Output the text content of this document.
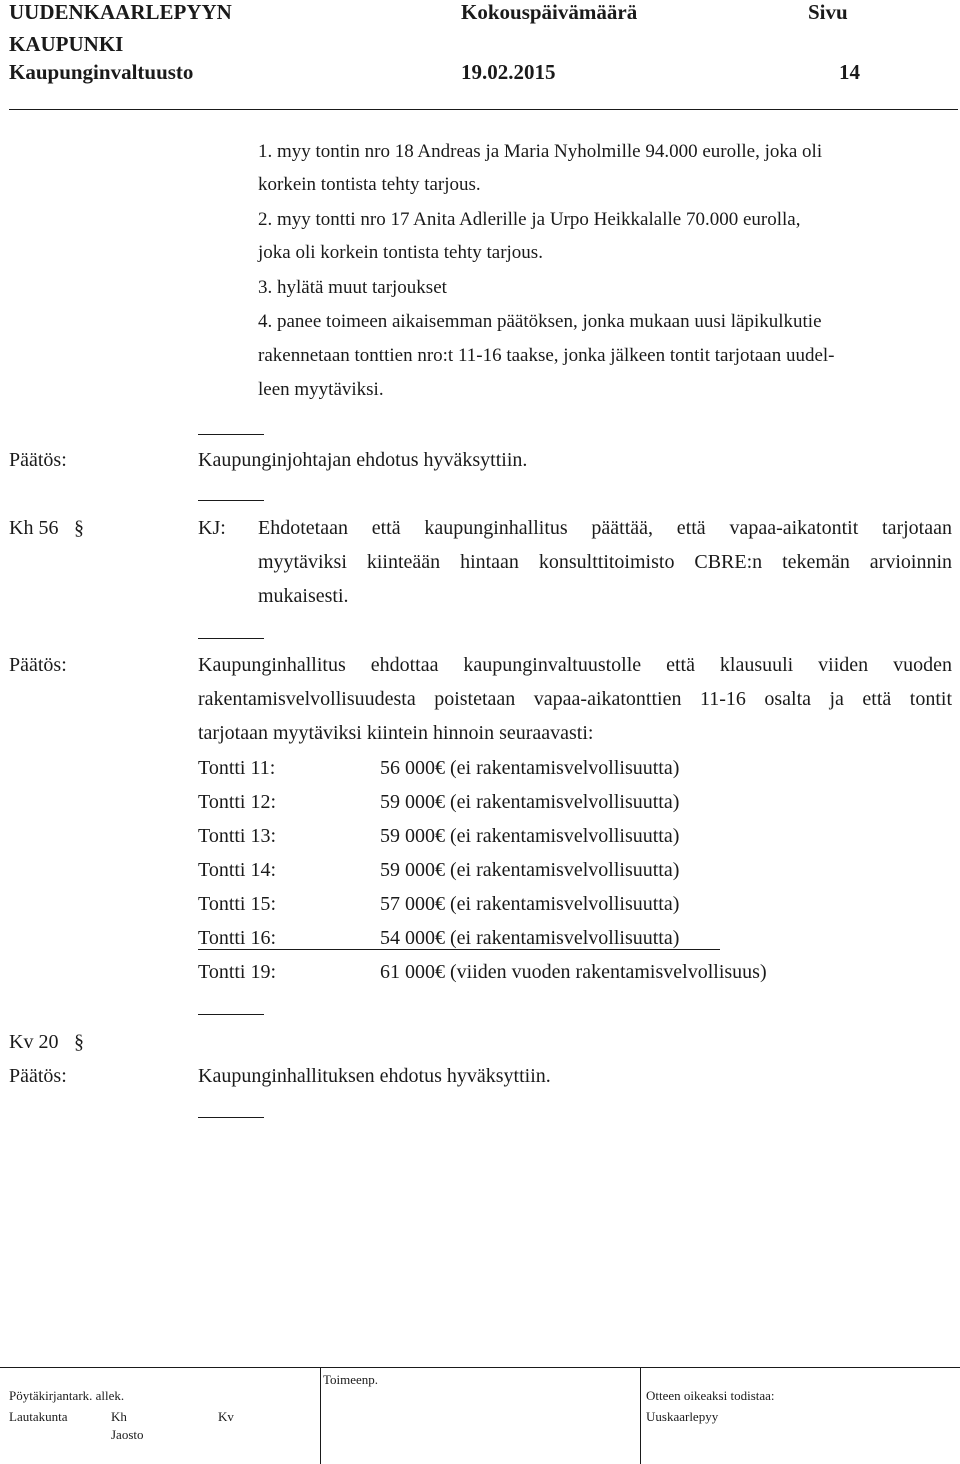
UUDENKAARLEPYYN
KAUPUNKI
Kaupunginvaltuusto
Kokouspäivämäärä
19.02.2015
Sivu
14
1. myy tontin nro 18 Andreas ja Maria Nyholmille 94.000 eurolle, joka oli
korkein tontista tehty tarjous.
2. myy tontti nro 17 Anita Adlerille ja Urpo Heikkalalle 70.000 eurolla,
joka oli korkein tontista tehty tarjous.
3. hylätä muut tarjoukset
4. panee toimeen aikaisemman päätöksen, jonka mukaan uusi läpikulkutie
rakennetaan tonttien nro:t 11-16 taakse, jonka jälkeen tontit tarjotaan uudel-
leen myytäviksi.
Päätös:	Kaupunginjohtajan ehdotus hyväksyttiin.
Kh 56 §	KJ: Ehdotetaan että kaupunginhallitus päättää, että vapaa-aikatontit tarjotaan
myytäviksi kiinteään hintaan konsulttitoimisto CBRE:n tekemän arvioinnin
mukaisesti.
Päätös:	Kaupunginhallitus ehdottaa kaupunginvaltuustolle että klausuuli viiden vuoden
rakentamisvelvollisuudesta poistetaan vapaa-aikatonttien 11-16 osalta ja että tontit
tarjotaan myytäviksi kiintein hinnoin seuraavasti:
Tontti 11:	56 000€ (ei rakentamisvelvollisuutta)
Tontti 12:	59 000€ (ei rakentamisvelvollisuutta)
Tontti 13:	59 000€ (ei rakentamisvelvollisuutta)
Tontti 14:	59 000€ (ei rakentamisvelvollisuutta)
Tontti 15:	57 000€ (ei rakentamisvelvollisuutta)
Tontti 16:	54 000€ (ei rakentamisvelvollisuutta)
Tontti 19:	61 000€ (viiden vuoden rakentamisvelvollisuus)
Kv 20 §
Päätös:	Kaupunginhallituksen ehdotus hyväksyttiin.
Pöytäkirjantark. allek.
Lautakunta	Kh
Jaosto
Kv
Toimeenp.
Otteen oikeaksi todistaa:
Uuskaarlepyy
